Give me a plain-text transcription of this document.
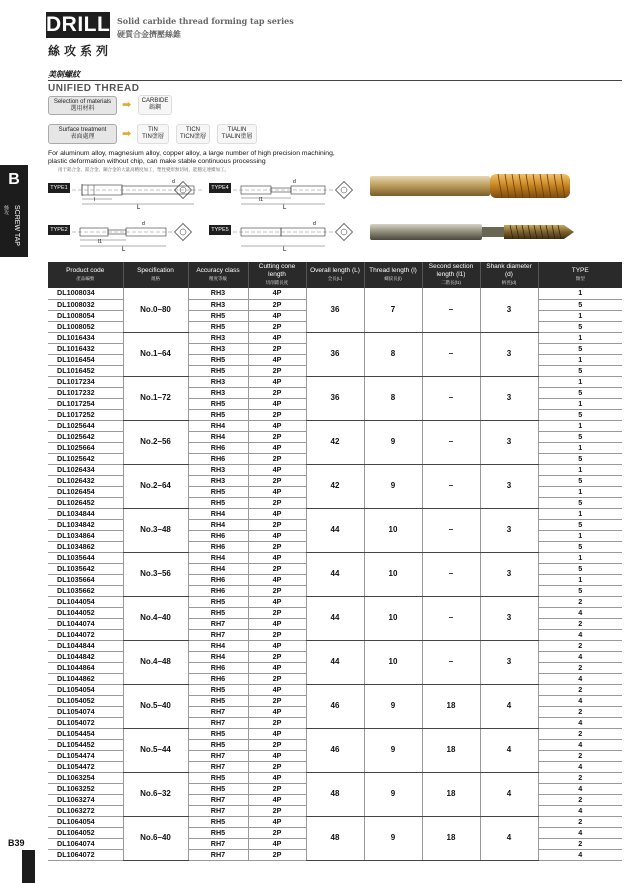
DRILLS
絲攻系列
Solid carbide thread forming tap series
硬質合金擠壓絲錐
美制螺紋
UNIFIED THREAD
Selection of materials
選用材料	➡	CARBIDE
鎢鋼
Surface treatment
表面處理	➡	TIN
TIN塗層
TICN
TICN塗層
TIALIN
TIALIN塗層
For aluminum alloy, magnesium alloy, copper alloy, a large number of high precision machining,
plastic deformation without chip, can make stable continuous processing
用于鋁合金、鎂合金、銅合金的大量高精度加工，塑性變形無切屑，能穩定連續加工。
B
SCREW TAP
絲攻
TYPE1
L
l
d
TYPE4
L
l1
d
TYPE2
L
l1
d
TYPE5
L
d
Product code
產品編號	Specification
規格	Accuracy class
精度等級	Cutting cone length
切削錐長度	Overall length (L)
全長(L)	Thread length (l)
螺紋長(l)	Second section length (l1)
二階長(l1)	Shank diameter (d)
柄徑(d)	TYPE
類型

DL1008034	No.0–80	RH3	4P	36	7	–	3	1
DL1008032		RH3	2P					5
DL1008054		RH5	4P					1
DL1008052		RH5	2P					5
DL1016434	No.1–64	RH3	4P	36	8	–	3	1
DL1016432		RH3	2P					5
DL1016454		RH5	4P					1
DL1016452		RH5	2P					5
DL1017234	No.1–72	RH3	4P	36	8	–	3	1
DL1017232		RH3	2P					5
DL1017254		RH5	4P					1
DL1017252		RH5	2P					5
DL1025644	No.2–56	RH4	4P	42	9	–	3	1
DL1025642		RH4	2P					5
DL1025664		RH6	4P					1
DL1025642		RH6	2P					5
DL1026434	No.2–64	RH3	4P	42	9	–	3	1
DL1026432		RH3	2P					5
DL1026454		RH5	4P					1
DL1026452		RH5	2P					5
DL1034844	No.3–48	RH4	4P	44	10	–	3	1
DL1034842		RH4	2P					5
DL1034864		RH6	4P					1
DL1034862		RH6	2P					5
DL1035644	No.3–56	RH4	4P	44	10	–	3	1
DL1035642		RH4	2P					5
DL1035664		RH6	4P					1
DL1035662		RH6	2P					5
DL1044054	No.4–40	RH5	4P	44	10	–	3	2
DL1044052		RH5	2P					4
DL1044074		RH7	4P					2
DL1044072		RH7	2P					4
DL1044844	No.4–48	RH4	4P	44	10	–	3	2
DL1044842		RH4	2P					4
DL1044864		RH6	4P					2
DL1044862		RH6	2P					4
DL1054054	No.5–40	RH5	4P	46	9	18	4	2
DL1054052		RH5	2P					4
DL1054074		RH7	4P					2
DL1054072		RH7	2P					4
DL1054454	No.5–44	RH5	4P	46	9	18	4	2
DL1054452		RH5	2P					4
DL1054474		RH7	4P					2
DL1054472		RH7	2P					4
DL1063254	No.6–32	RH5	4P	48	9	18	4	2
DL1063252		RH5	2P					4
DL1063274		RH7	4P					2
DL1063272		RH7	2P					4
DL1064054	No.6–40	RH5	4P	48	9	18	4	2
DL1064052		RH5	2P					4
DL1064074		RH7	4P					2
DL1064072		RH7	2P					4
B39
